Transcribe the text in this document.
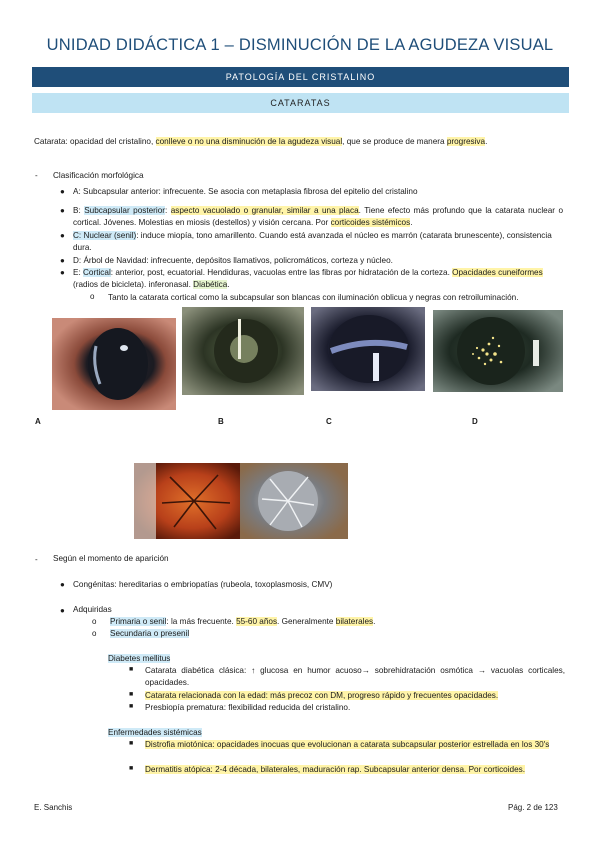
UNIDAD DIDÁCTICA 1 – DISMINUCIÓN DE LA AGUDEZA VISUAL
PATOLOGÍA DEL CRISTALINO
CATARATAS
Catarata: opacidad del cristalino, conlleve o no una disminución de la agudeza visual, que se produce de manera progresiva.
- Clasificación morfológica
● A: Subcapsular anterior: infrecuente. Se asocia con metaplasia fibrosa del epitelio del cristalino
● B: Subcapsular posterior: aspecto vacuolado o granular, similar a una placa. Tiene efecto más profundo que la catarata nuclear o cortical. Jóvenes. Molestias en miosis (destellos) y visión cercana. Por corticoides sistémicos.
● C: Nuclear (senil): induce miopía, tono amarillento. Cuando está avanzada el núcleo es marrón (catarata brunescente), consistencia dura.
● D: Árbol de Navidad: infrecuente, depósitos llamativos, policromáticos, corteza y núcleo.
● E: Cortical: anterior, post, ecuatorial. Hendiduras, vacuolas entre las fibras por hidratación de la corteza. Opacidades cuneiformes (radios de bicicleta). inferonasal. Diabética.
o Tanto la catarata cortical como la subcapsular son blancas con iluminación oblicua y negras con retroiluminación.
A	B	C	D
- Según el momento de aparición
● Congénitas: hereditarias o embriopatías (rubeola, toxoplasmosis, CMV)
● Adquiridas
o Primaria o senil: la más frecuente. 55-60 años. Generalmente bilaterales.
o Secundaria o presenil
Diabetes mellitus
■ Catarata diabética clásica: ↑ glucosa en humor acuoso→ sobrehidratación osmótica → vacuolas corticales, opacidades.
■ Catarata relacionada con la edad: más precoz con DM, progreso rápido y frecuentes opacidades.
■ Presbiopía prematura: flexibilidad reducida del cristalino.
Enfermedades sistémicas
■ Distrofia miotónica: opacidades inocuas que evolucionan a catarata subcapsular posterior estrellada en los 30's
■ Dermatitis atópica: 2-4 década, bilaterales, maduración rap. Subcapsular anterior densa. Por corticoides.
E. Sanchis	Pág. 2 de 123
